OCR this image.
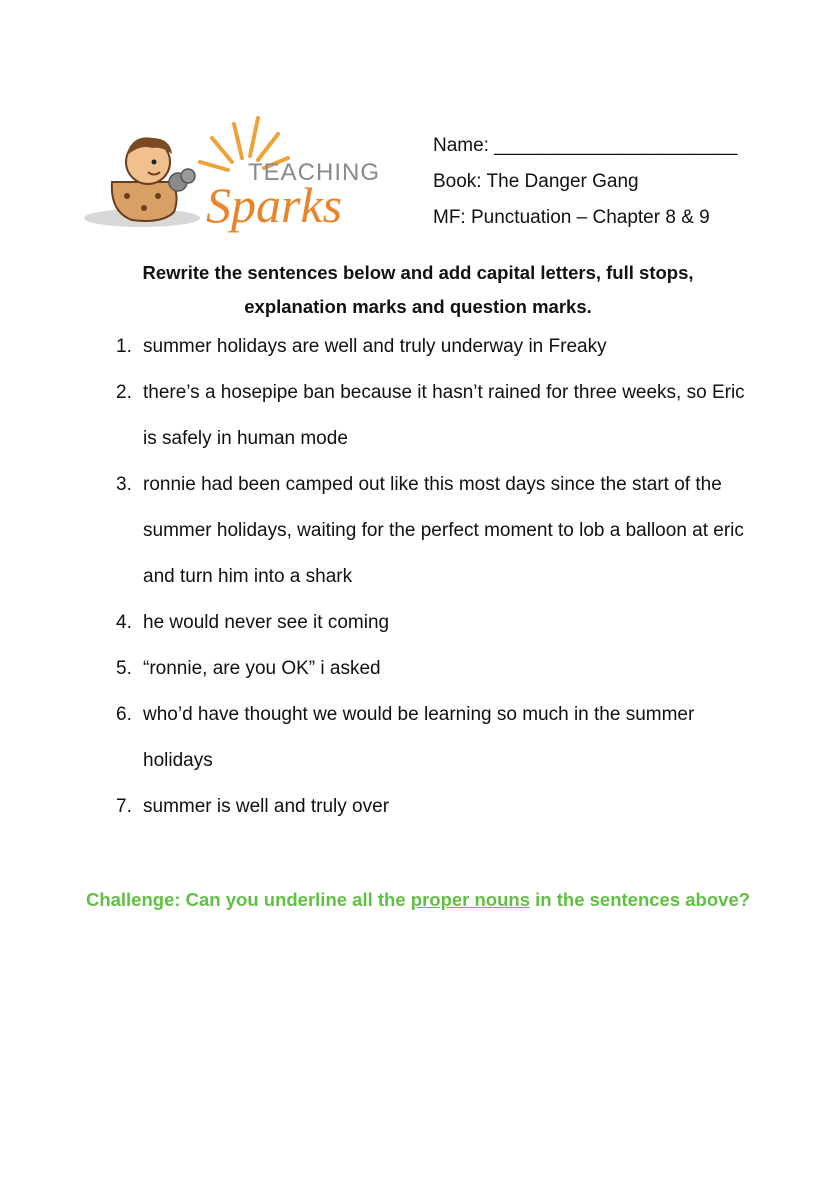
TEACHING
Sparks
Name: _______________________
Book: The Danger Gang
MF: Punctuation – Chapter 8 & 9
Rewrite the sentences below and add capital letters, full stops,
explanation marks and question marks.
1. summer holidays are well and truly underway in Freaky
2. there’s a hosepipe ban because it hasn’t rained for three weeks, so Eric is safely in human mode
3. ronnie had been camped out like this most days since the start of the summer holidays, waiting for the perfect moment to lob a balloon at eric and turn him into a shark
4. he would never see it coming
5. “ronnie, are you OK” i asked
6. who’d have thought we would be learning so much in the summer holidays
7. summer is well and truly over
Challenge: Can you underline all the proper nouns in the sentences above?
